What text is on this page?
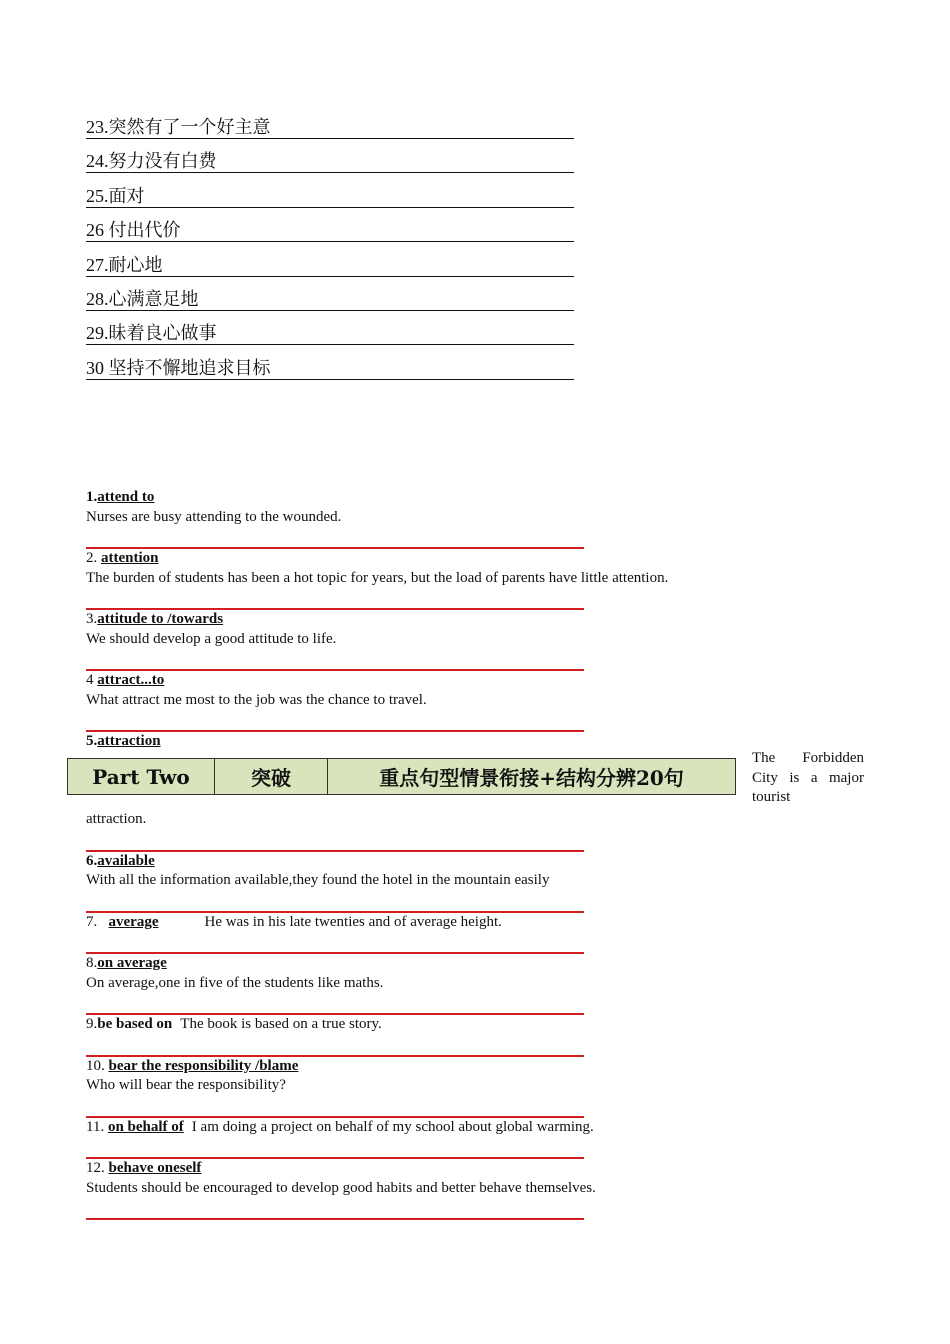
23.突然有了一个好主意
24.努力没有白费
25.面对
26 付出代价
27.耐心地
28.心满意足地
29.昧着良心做事
30 坚持不懈地追求目标
1.attend to
Nurses are busy attending to the wounded.
2. attention
The burden of students has been a hot topic for years, but the load of parents have little attention.
3.attitude to /towards
We should develop a good attitude to life.
4 attract...to
What attract me most to the job was the chance to travel.
5.attraction
attraction.
6.available
With all the information available,they found the hotel in the mountain easily
7.   average	He was in his late twenties and of average height.
8.on average
On average,one in five of the students like maths.
9.be based on The book is based on a true story.
10. bear the responsibility /blame
Who will bear the responsibility?
11. on behalf of I am doing a project on behalf of my school about global warming.
12. behave oneself
Students should be encouraged to develop good habits and better behave themselves.
Part Two	突破	重点句型情景衔接+结构分辨20句
The Forbidden
City is a major
tourist
